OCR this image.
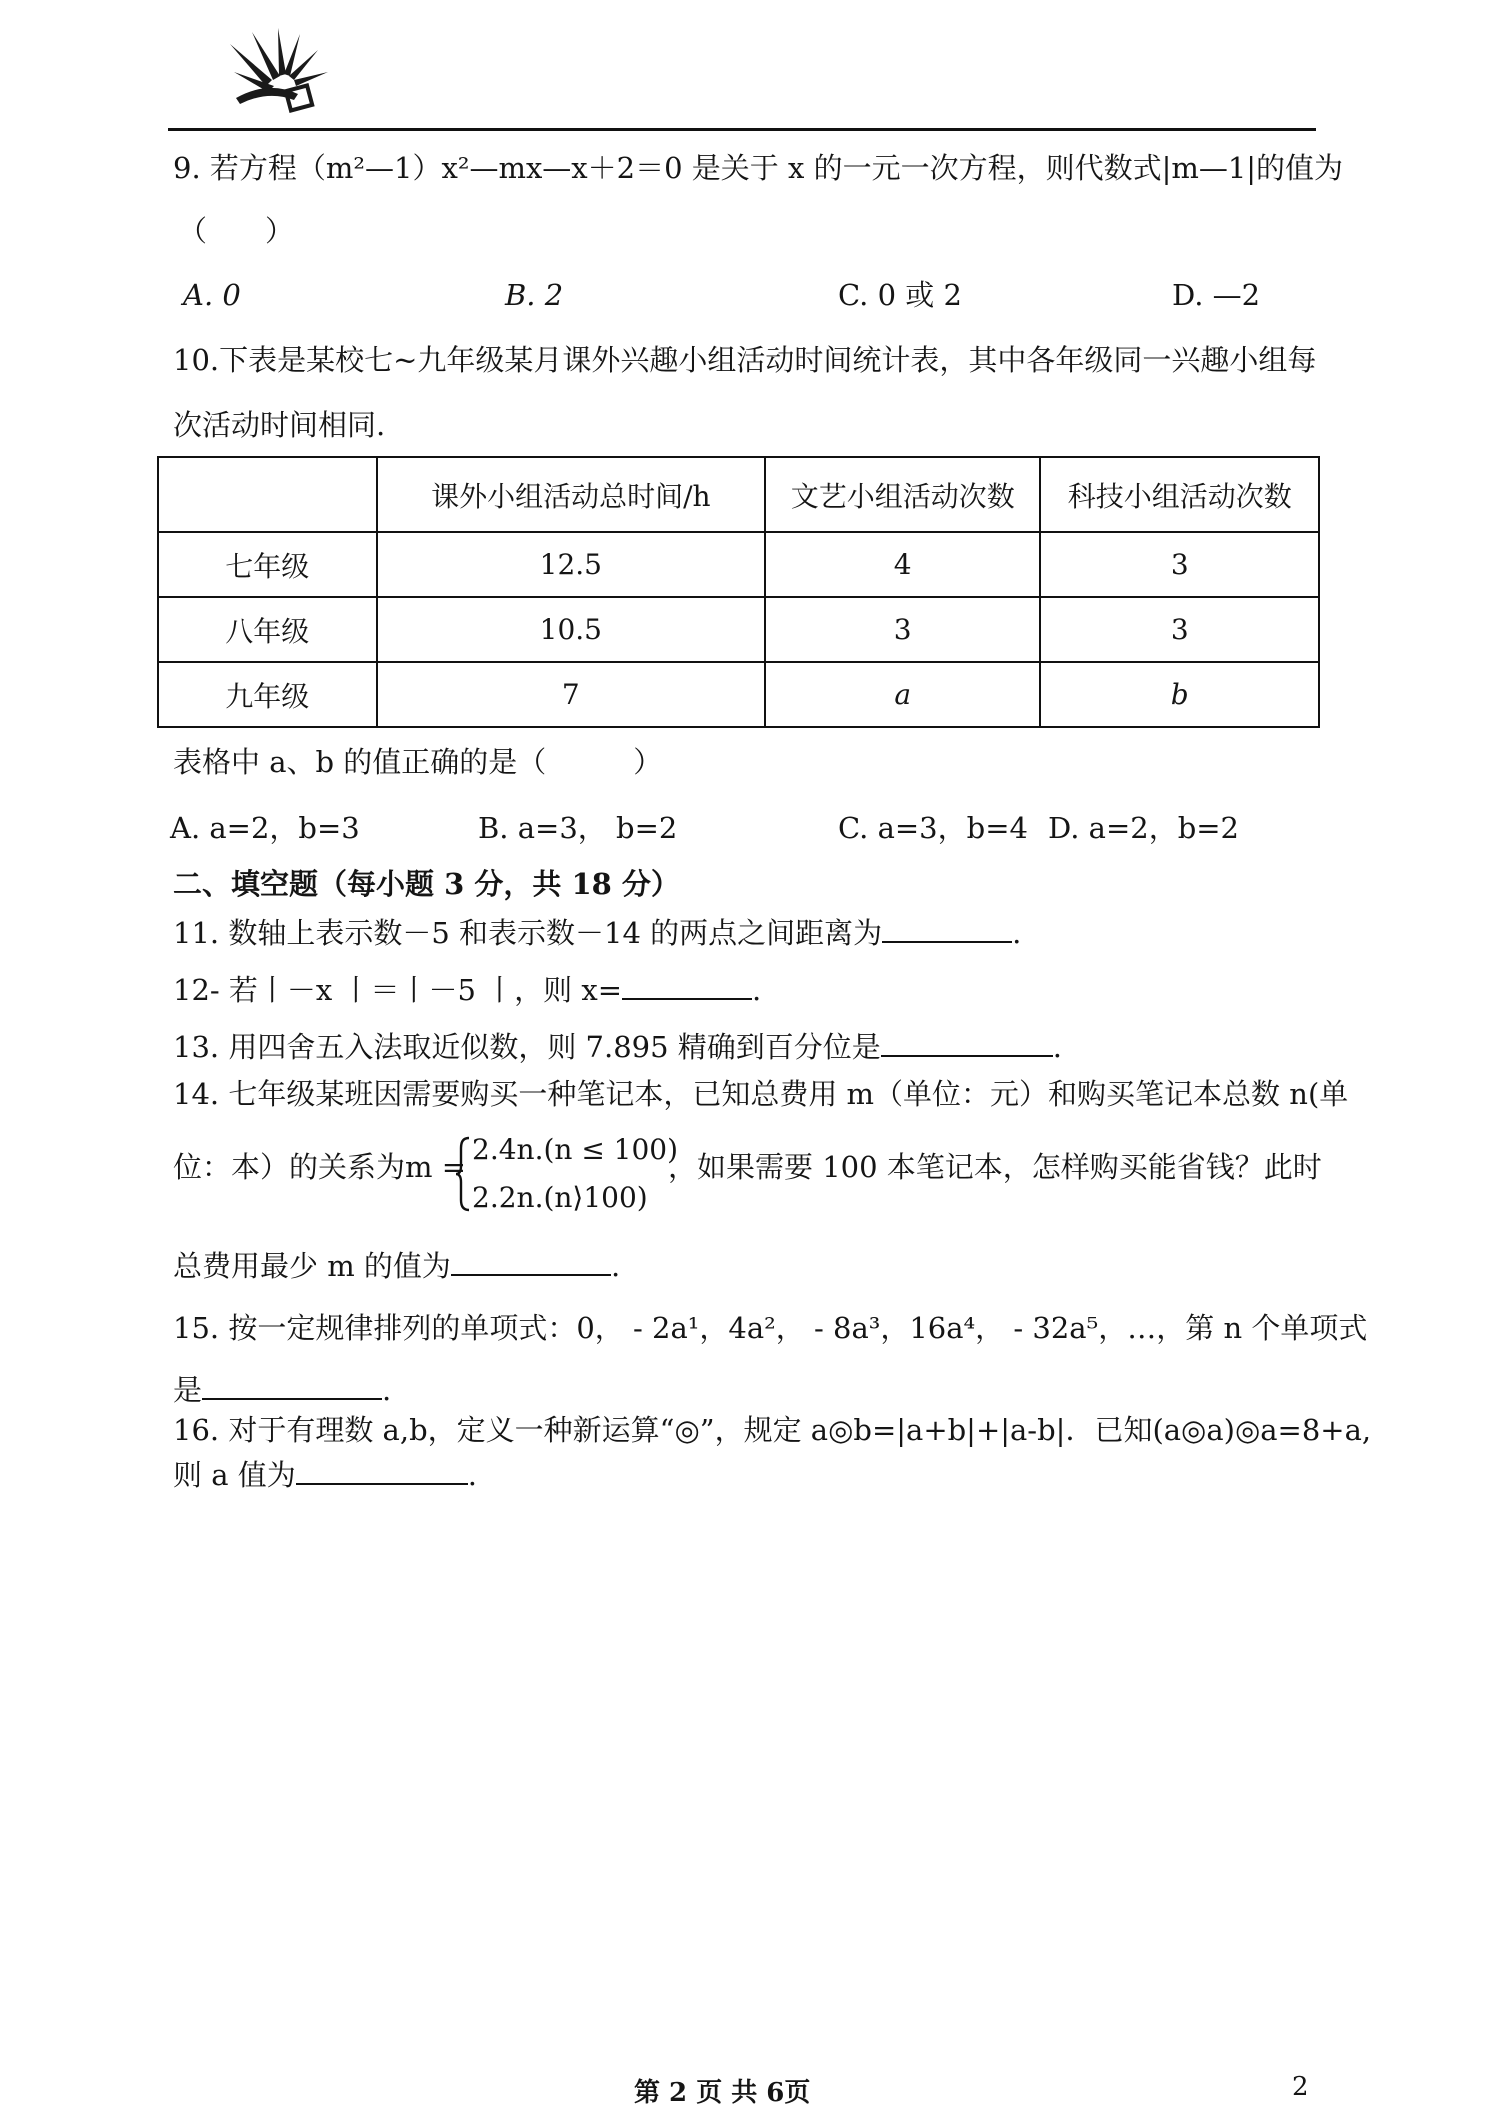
9. 若方程（m²—1）x²—mx—x＋2＝0 是关于 x 的一元一次方程，则代数式|m—1|的值为
（　　）
A. 0	B. 2	C. 0 或 2	D. —2
10.下表是某校七~九年级某月课外兴趣小组活动时间统计表，其中各年级同一兴趣小组每
次活动时间相同.
	课外小组活动总时间/h	文艺小组活动次数	科技小组活动次数
七年级	12.5	4	3
八年级	10.5	3	3
九年级	7	a	b
表格中 a、b 的值正确的是（　　　）
A. a=2，b=3	B. a=3， b=2	C. a=3，b=4 D. a=2，b=2
二、填空题（每小题 3 分，共 18 分）
11. 数轴上表示数－5 和表示数－14 的两点之间距离为	.
12- 若丨－x 丨＝丨－5 丨，则 x=	.
13. 用四舍五入法取近似数，则 7.895 精确到百分位是	.
14. 七年级某班因需要购买一种笔记本，已知总费用 m（单位：元）和购买笔记本总数 n(单
位：本）的关系为m =
2.4n.(n ≤ 100)
2.2n.(n⟩100)
，如果需要 100 本笔记本，怎样购买能省钱？此时
总费用最少 m 的值为	.
15. 按一定规律排列的单项式：0， - 2a¹，4a²， - 8a³，16a⁴， - 32a⁵，…，第 n 个单项式
是	.
16. 对于有理数 a,b，定义一种新运算“◎”，规定 a◎b=|a+b|+|a-b|．已知(a◎a)◎a=8+a,
则 a 值为	.
第 2 页 共 6页	2
